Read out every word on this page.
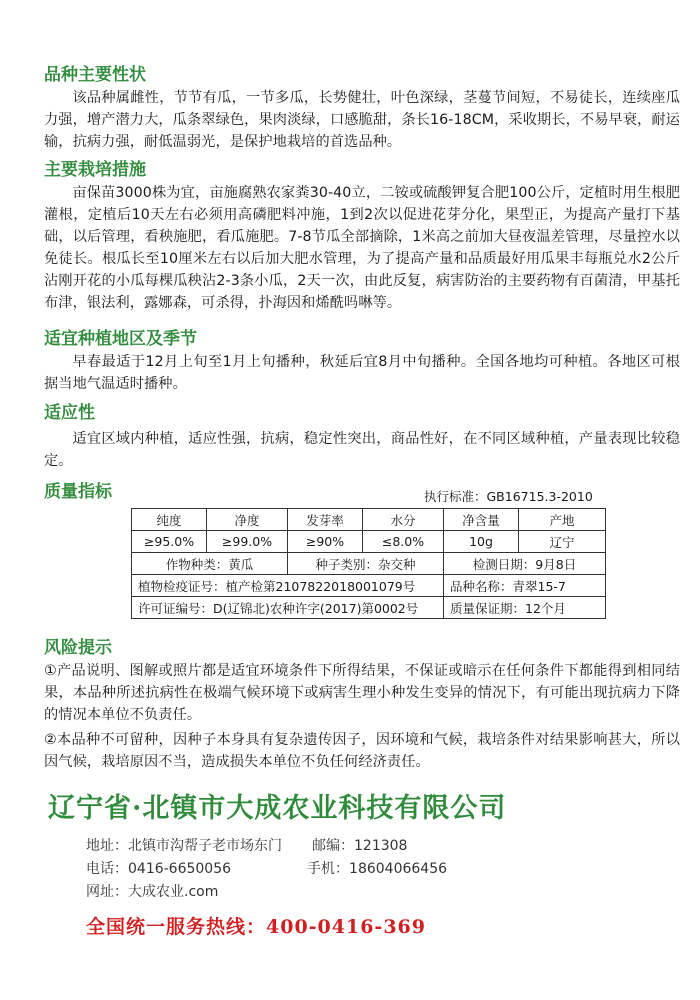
品种主要性状
该品种属雌性，节节有瓜，一节多瓜，长势健壮，叶色深绿，茎蔓节间短，不易徒长，连续座瓜力强，增产潜力大，瓜条翠绿色，果肉淡绿，口感脆甜，条长16-18CM，采收期长，不易早衰，耐运输，抗病力强，耐低温弱光，是保护地栽培的首选品种。
主要栽培措施
亩保苗3000株为宜，亩施腐熟农家粪30-40立，二铵或硫酸钾复合肥100公斤，定植时用生根肥灌根，定植后10天左右必须用高磷肥料冲施，1到2次以促进花芽分化，果型正，为提高产量打下基础，以后管理，看秧施肥，看瓜施肥。7-8节瓜全部摘除，1米高之前加大昼夜温差管理，尽量控水以免徒长。根瓜长至10厘米左右以后加大肥水管理，为了提高产量和品质最好用瓜果丰每瓶兑水2公斤沾刚开花的小瓜每棵瓜秧沾2-3条小瓜，2天一次，由此反复，病害防治的主要药物有百菌清，甲基托布津，银法利，露娜森，可杀得，扑海因和烯酰吗啉等。
适宜种植地区及季节
早春最适于12月上旬至1月上旬播种，秋延后宜8月中旬播种。全国各地均可种植。各地区可根据当地气温适时播种。
适应性
适宜区域内种植，适应性强，抗病，稳定性突出，商品性好，在不同区域种植，产量表现比较稳定。
质量指标	执行标准：GB16715.3-2010
纯度	净度	发芽率	水分	净含量	产地
≥95.0%	≥99.0%	≥90%	≤8.0%	10g	辽宁
作物种类：黄瓜		种子类别：杂交种		检测日期：9月8日	
植物检疫证号：植产检第2107822018001079号				品种名称：青翠15-7	
许可证编号：D(辽锦北)农种许字(2017)第0002号				质量保证期：12个月	
风险提示
①产品说明、图解或照片都是适宜环境条件下所得结果，不保证或暗示在任何条件下都能得到相同结果，本品种所述抗病性在极端气候环境下或病害生理小种发生变异的情况下，有可能出现抗病力下降的情况本单位不负责任。
②本品种不可留种，因种子本身具有复杂遗传因子，因环境和气候，栽培条件对结果影响甚大，所以因气候，栽培原因不当，造成损失本单位不负任何经济责任。
辽宁省·北镇市大成农业科技有限公司
地址：北镇市沟帮子老市场东门 邮编：121308
电话：0416-6650056	手机：18604066456
网址：大成农业.com
全国统一服务热线：400-0416-369
